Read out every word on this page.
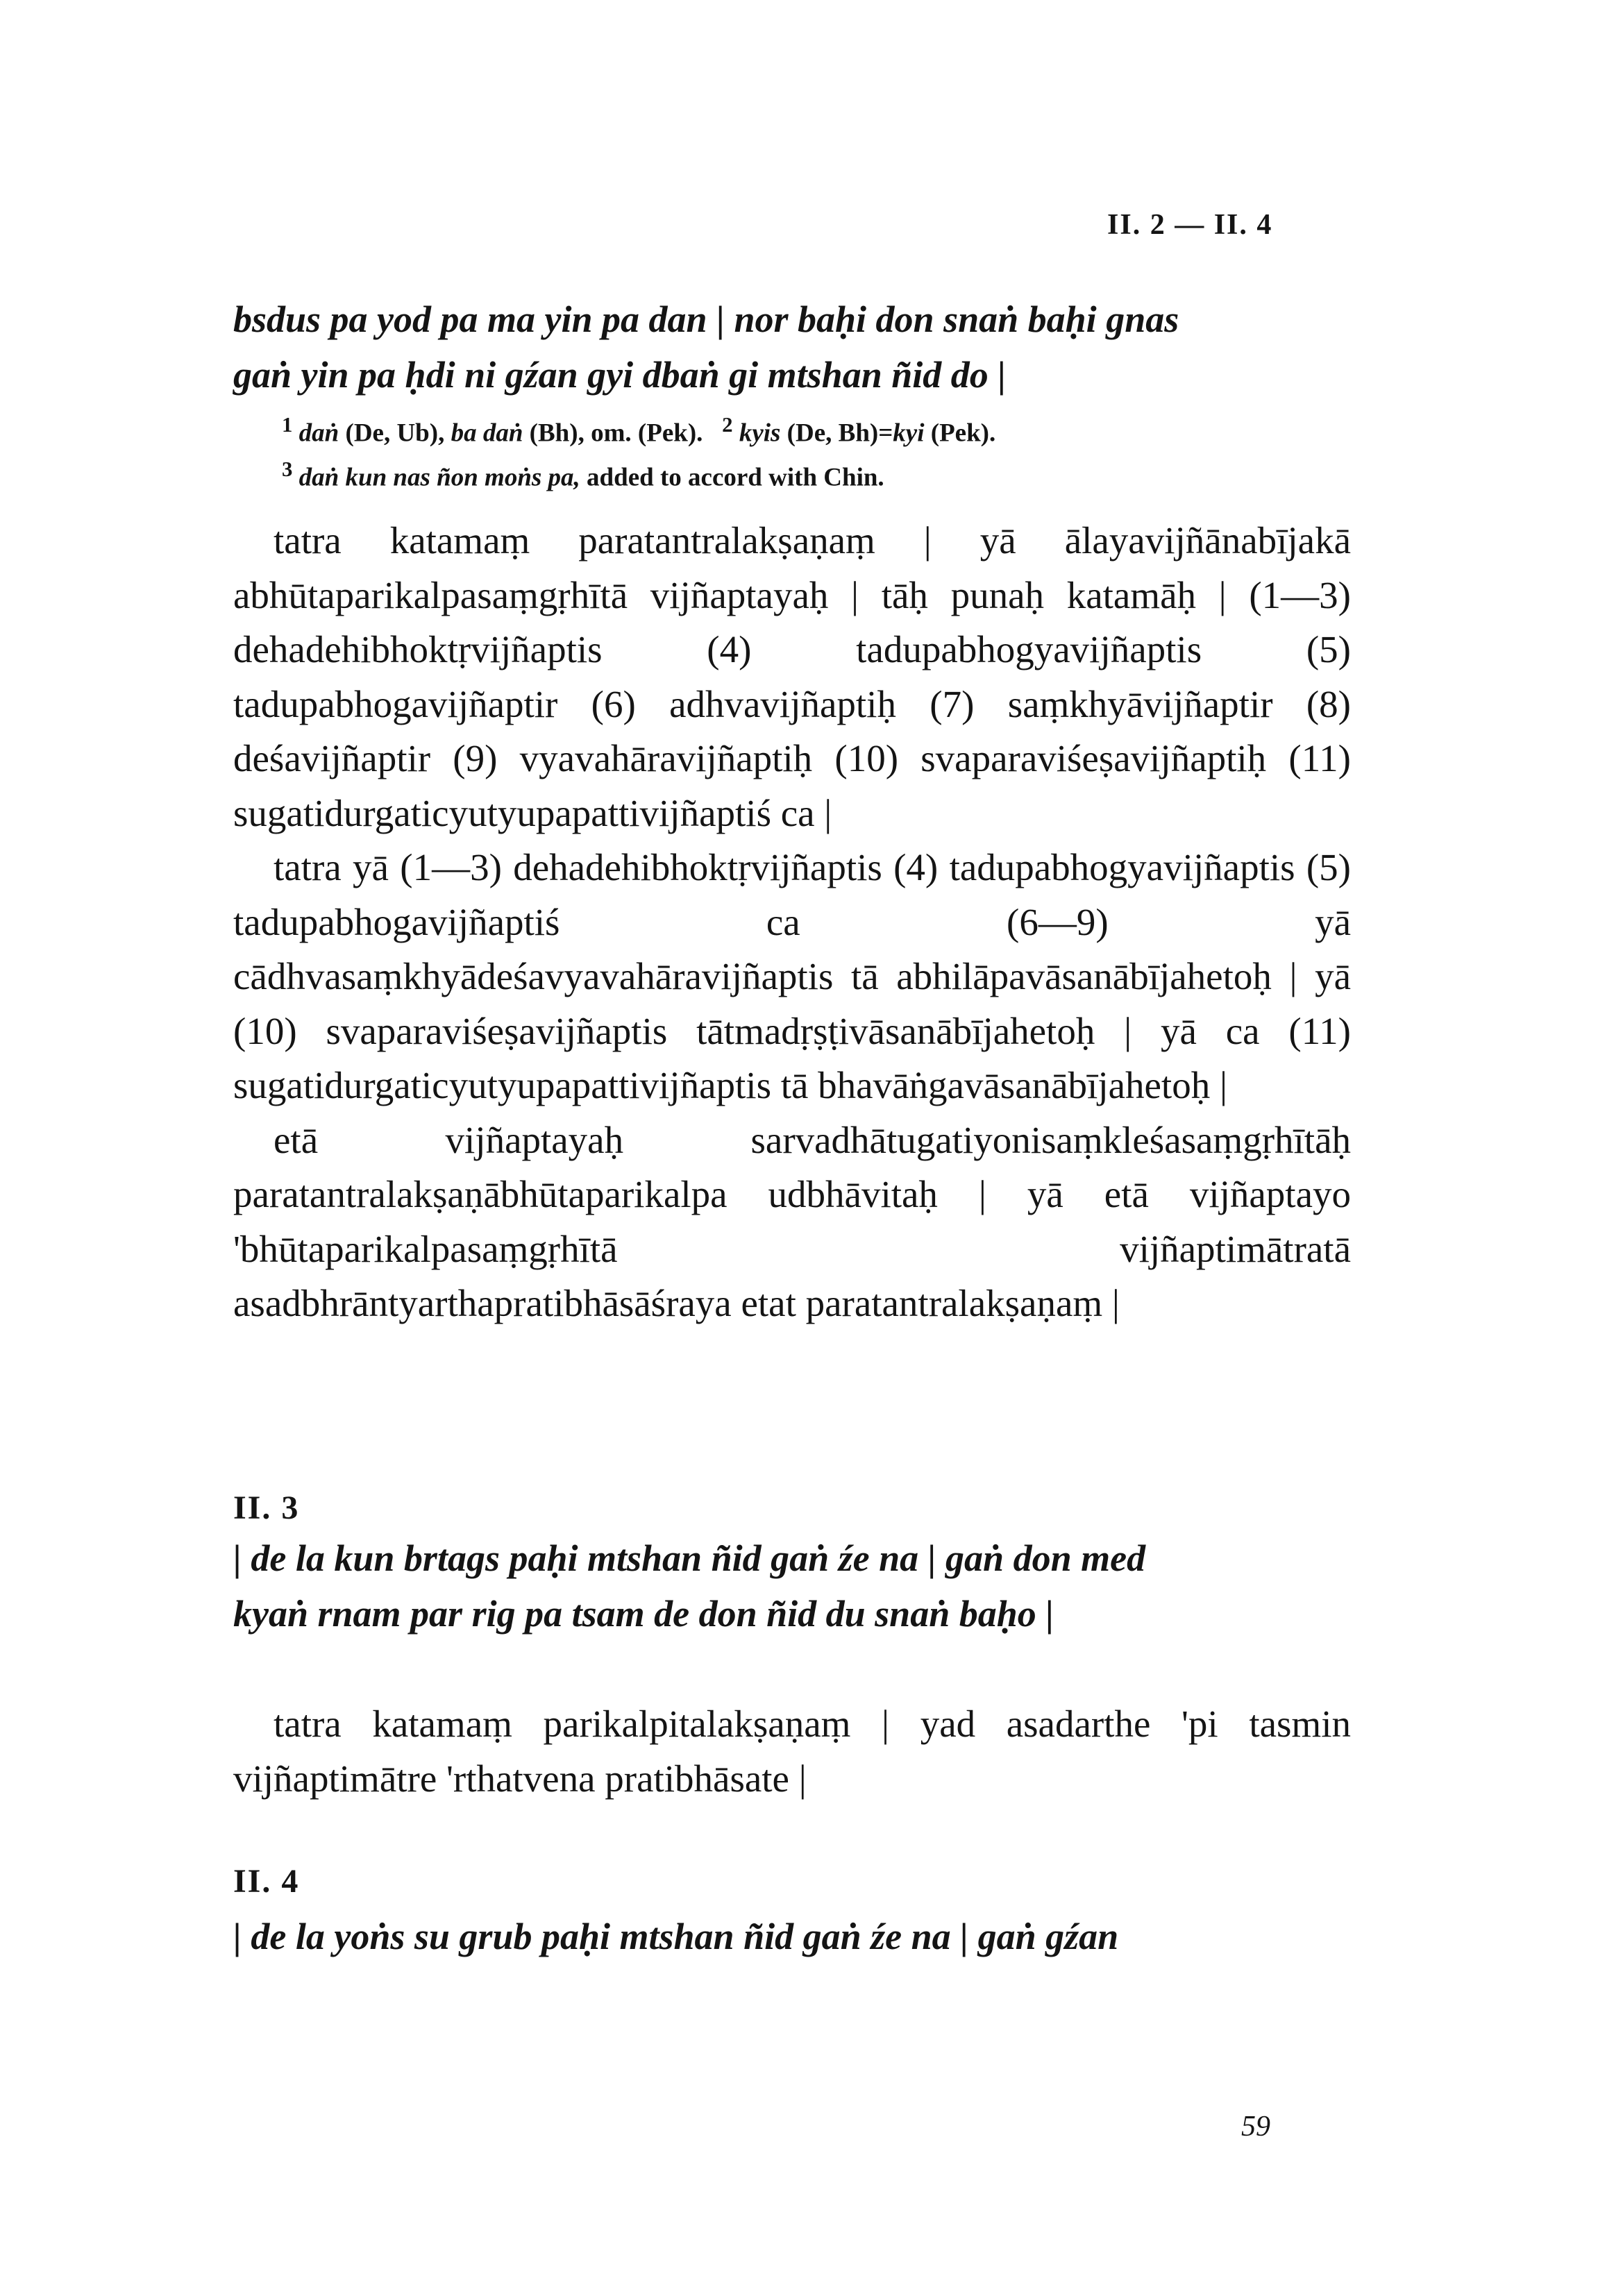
II. 2 — II. 4

bsdus pa yod pa ma yin pa dan | nor baḥi don snaṅ baḥi gnas

gaṅ yin pa ḥdi ni gźan gyi dbaṅ gi mtshan ñid do |

$^1$ daṅ (De, Ub), ba daṅ (Bh), om. (Pek).   $^2$ kyis (De, Bh)=kyi (Pek).

$^3$ daṅ kun nas ñon moṅs pa, added to accord with Chin.

tatra katamaṃ paratantralakṣaṇaṃ | yā ālayavijñānabījakā abhūtaparikalpasaṃgṛhītā vijñaptayaḥ | tāḥ punaḥ katamāḥ | (1—3) dehadehibhoktṛvijñaptis (4) tadupabhogyavijñaptis (5) tadupabhogavijñaptir (6) adhvavijñaptiḥ (7) saṃkhyāvijñaptir (8) deśavijñaptir (9) vyavahāravijñaptiḥ (10) svaparaviśeṣavijñaptiḥ (11) sugatidurgaticyutyupapattivijñaptiś ca |

tatra yā (1—3) dehadehibhoktṛvijñaptis (4) tadupabhogyavijñaptis (5) tadupabhogavijñaptiś ca (6—9) yā cādhvasaṃkhyādeśavyavahāravijñaptis tā abhilāpavāsanābījahetoḥ | yā (10) svaparaviśeṣavijñaptis tātmadṛṣṭivāsanābījahetoḥ | yā ca (11) sugatidurgaticyutyupapattivijñaptis tā bhavāṅgavāsanābījahetoḥ |

etā vijñaptayaḥ sarvadhātugatiyonisaṃkleśasaṃgṛhītāḥ paratantralakṣaṇābhūtaparikalpa udbhāvitaḥ | yā etā vijñaptayo 'bhūtaparikalpasaṃgṛhītā vijñaptimātratā asadbhrāntyarthapratibhāsāśraya etat paratantralakṣaṇaṃ |

II. 3

| de la kun brtags paḥi mtshan ñid gaṅ źe na | gaṅ don med

kyaṅ rnam par rig pa tsam de don ñid du snaṅ baḥo |

tatra katamaṃ parikalpitalakṣaṇaṃ | yad asadarthe 'pi tasmin vijñaptimātre 'rthatvena pratibhāsate |

II. 4

| de la yoṅs su grub paḥi mtshan ñid gaṅ źe na | gaṅ gźan

59
